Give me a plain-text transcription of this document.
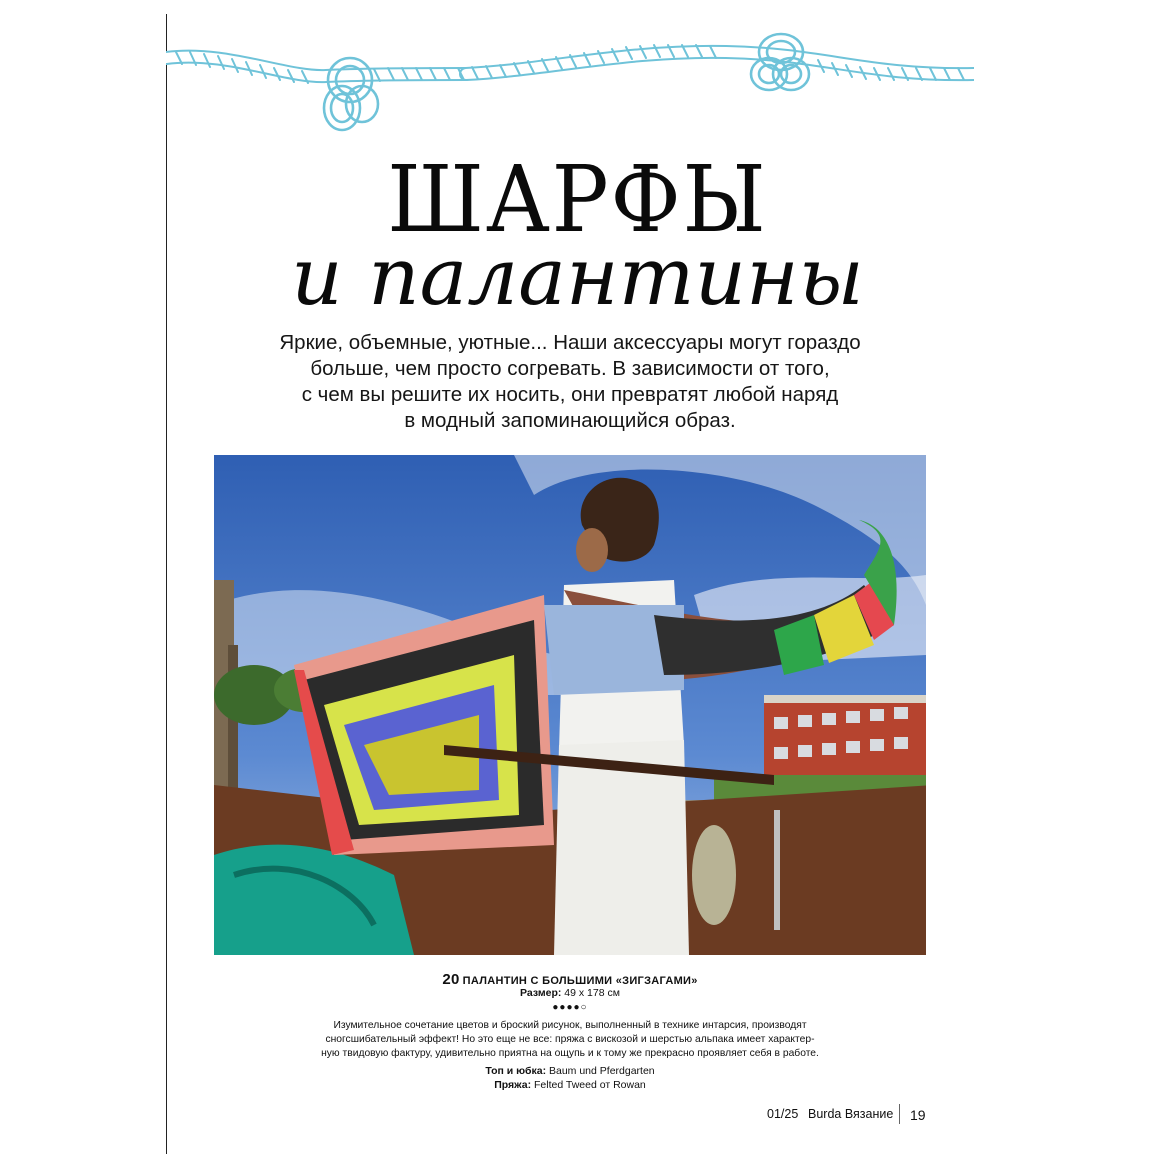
ШАРФЫ
и палантины
Яркие, объемные, уютные... Наши аксессуары могут гораздо
больше, чем просто согревать. В зависимости от того,
с чем вы решите их носить, они превратят любой наряд
в модный запоминающийся образ.
20 ПАЛАНТИН С БОЛЬШИМИ «ЗИГЗАГАМИ»
Размер: 49 х 178 см
●●●●○
Изумительное сочетание цветов и броский рисунок, выполненный в технике интарсия, производят
сногсшибательный эффект! Но это еще не все: пряжа с вискозой и шерстью альпака имеет характер-
ную твидовую фактуру, удивительно приятна на ощупь и к тому же прекрасно проявляет себя в работе.
Топ и юбка: Baum und Pferdgarten
Пряжа: Felted Tweed от Rowan
01/25 Burda Вязание 19
